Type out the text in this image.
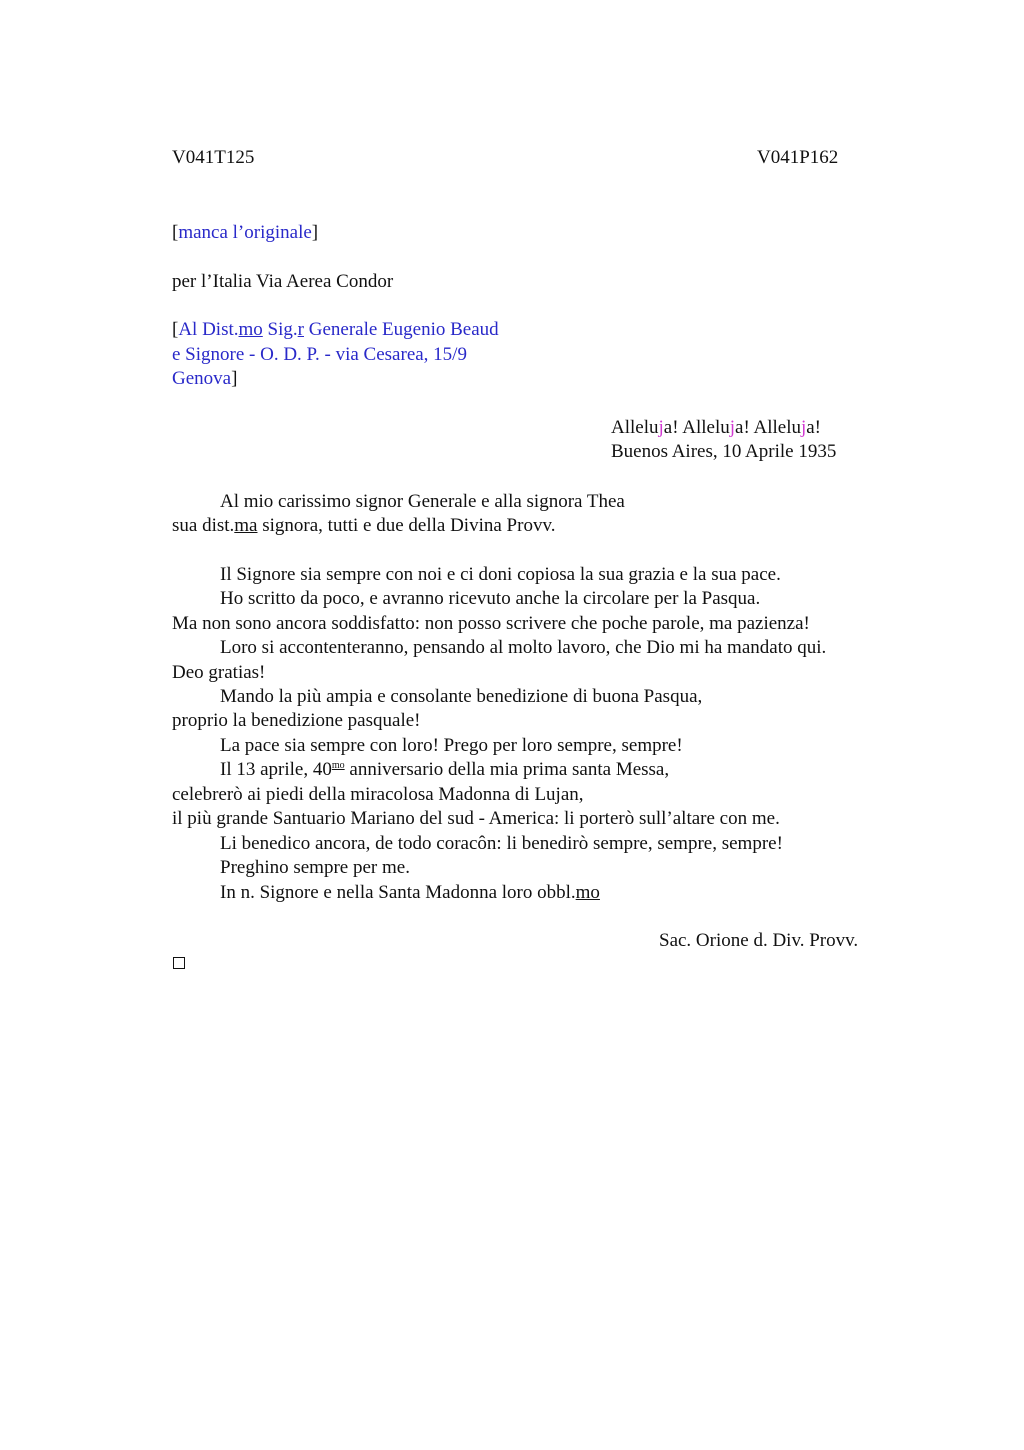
V041T125	V041P162
[manca l’originale]
per l’Italia Via Aerea Condor
[Al Dist.mo Sig.r Generale Eugenio Beaud
e Signore - O. D. P. - via Cesarea, 15/9
Genova]
Alleluja! Alleluja! Alleluja!
Buenos Aires, 10 Aprile 1935
Al mio carissimo signor Generale e alla signora Thea
sua dist.ma signora, tutti e due della Divina Provv.
Il Signore sia sempre con noi e ci doni copiosa la sua grazia e la sua pace.
Ho scritto da poco, e avranno ricevuto anche la circolare per la Pasqua.
Ma non sono ancora soddisfatto: non posso scrivere che poche parole, ma pazienza!
Loro si accontenteranno, pensando al molto lavoro, che Dio mi ha mandato qui.
Deo gratias!
Mando la più ampia e consolante benedizione di buona Pasqua,
proprio la benedizione pasquale!
La pace sia sempre con loro! Prego per loro sempre, sempre!
Il 13 aprile, $40^{mo}$ anniversario della mia prima santa Messa,
celebrerò ai piedi della miracolosa Madonna di Lujan,
il più grande Santuario Mariano del sud - America: li porterò sull’altare con me.
Li benedico ancora, de todo coracôn: li benedirò sempre, sempre, sempre!
Preghino sempre per me.
In n. Signore e nella Santa Madonna loro obbl.mo
Sac. Orione d. Div. Provv.
